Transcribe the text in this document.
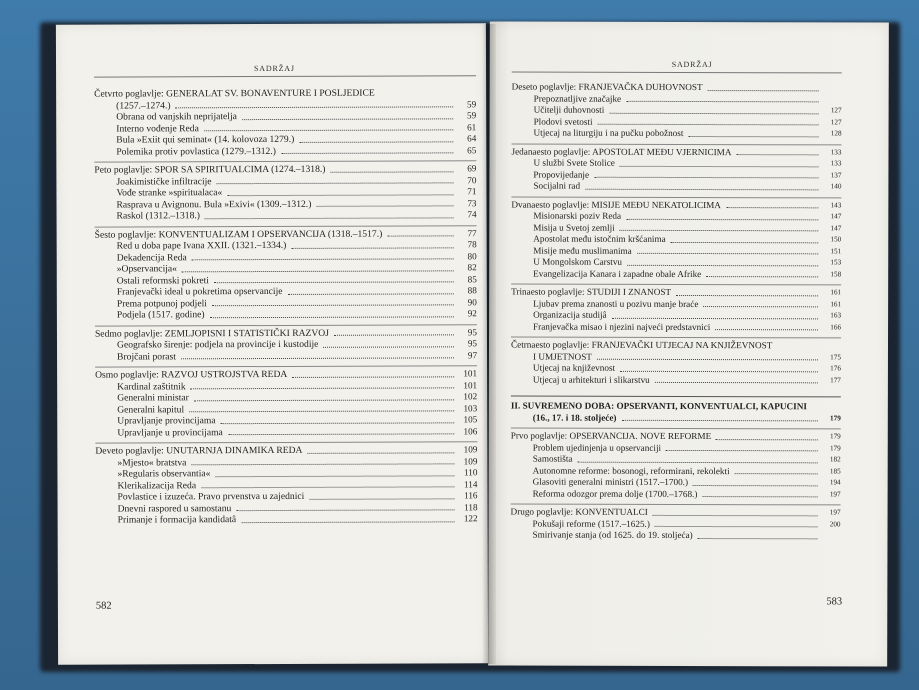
SADRŽAJ
Četvrto poglavlje: GENERALAT SV. BONAVENTURE I POSLJEDICE
(1257.–1274.)	59
Obrana od vanjskih neprijatelja	59
Interno vođenje Reda	61
Bula »Exiit qui seminat« (14. kolovoza 1279.)	64
Polemika protiv povlastica (1279.–1312.)	65
Peto poglavlje: SPOR SA SPIRITUALCIMA (1274.–1318.)	69
Joakimističke infiltracije	70
Vođe stranke »spiritualaca«	71
Rasprava u Avignonu. Bula »Exivi« (1309.–1312.)	73
Raskol (1312.–1318.)	74
Šesto poglavlje: KONVENTUALIZAM I OPSERVANCIJA (1318.–1517.)	77
Red u doba pape Ivana XXII. (1321.–1334.)	78
Dekadencija Reda	80
»Opservancija«	82
Ostali reformski pokreti	85
Franjevački ideal u pokretima opservancije	88
Prema potpunoj podjeli	90
Podjela (1517. godine)	92
Sedmo poglavlje: ZEMLJOPISNI I STATISTIČKI RAZVOJ	95
Geografsko širenje: podjela na provincije i kustodije	95
Brojčani porast	97
Osmo poglavlje: RAZVOJ USTROJSTVA REDA	101
Kardinal zaštitnik	101
Generalni ministar	102
Generalni kapitul	103
Upravljanje provincijama	105
Upravljanje u provincijama	106
Deveto poglavlje: UNUTARNJA DINAMIKA REDA	109
»Mjesto« bratstva	109
»Regularis observantia«	110
Klerikalizacija Reda	114
Povlastice i izuzeća. Pravo prvenstva u zajednici	116
Dnevni raspored u samostanu	118
Primanje i formacija kandidatâ	122
582
SADRŽAJ
Deseto poglavlje: FRANJEVAČKA DUHOVNOST
Prepoznatljive značajke
Učitelji duhovnosti	127
Plodovi svetosti	127
Utjecaj na liturgiju i na pučku pobožnost	128
Jedanaesto poglavlje: APOSTOLAT MEĐU VJERNICIMA	133
U službi Svete Stolice	133
Propovijedanje	137
Socijalni rad	140
Dvanaesto poglavlje: MISIJE MEĐU NEKATOLICIMA	143
Misionarski poziv Reda	147
Misija u Svetoj zemlji	147
Apostolat među istočnim kršćanima	150
Misije među muslimanima	151
U Mongolskom Carstvu	153
Evangelizacija Kanara i zapadne obale Afrike	158
Trinaesto poglavlje: STUDIJI I ZNANOST	161
Ljubav prema znanosti u pozivu manje braće	161
Organizacija studijâ	163
Franjevačka misao i njezini najveći predstavnici	166
Četrnaesto poglavlje: FRANJEVAČKI UTJECAJ NA KNJIŽEVNOST
I UMJETNOST	175
Utjecaj na književnost	176
Utjecaj u arhitekturi i slikarstvu	177
II. SUVREMENO DOBA: OPSERVANTI, KONVENTUALCI, KAPUCINI
(16., 17. i 18. stoljeće)	179
Prvo poglavlje: OPSERVANCIJA. NOVE REFORME	179
Problem ujedinjenja u opservanciji	179
Samostišta	182
Autonomne reforme: bosonogi, reformirani, rekolekti	185
Glasoviti generalni ministri (1517.–1700.)	194
Reforma odozgor prema dolje (1700.–1768.)	197
Drugo poglavlje: KONVENTUALCI	197
Pokušaji reforme (1517.–1625.)	200
Smirivanje stanja (od 1625. do 19. stoljeća)
583
